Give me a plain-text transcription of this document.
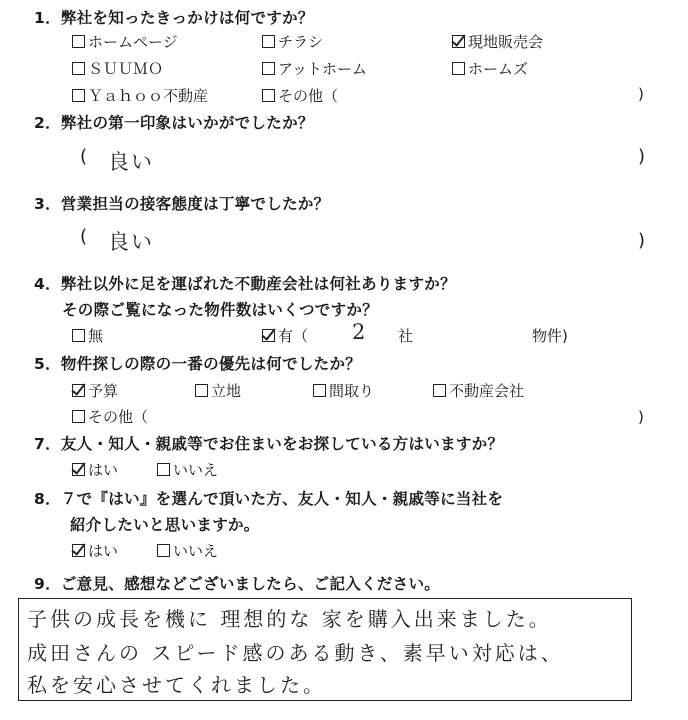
1．弊社を知ったきっかけは何ですか？
ホームページ	チラシ	現地販売会
ＳＵＵＭＯ	アットホーム	ホームズ
Ｙａｈｏｏ不動産	その他（	)
2．弊社の第一印象はいかがでしたか？
( 良い	)
3．営業担当の接客態度は丁寧でしたか？
( 良い	)
4．弊社以外に足を運ばれた不動産会社は何社ありますか？
その際ご覧になった物件数はいくつですか？
無	有（ 2 社	物件)
5．物件探しの際の一番の優先は何でしたか？
予算	立地	間取り	不動産会社
その他（	)
7．友人・知人・親戚等でお住まいをお探している方はいますか？
はい	いいえ
8．７で『はい』を選んで頂いた方、友人・知人・親戚等に当社を
紹介したいと思いますか。
はい	いいえ
9．ご意見、感想などございましたら、ご記入ください。
子供の成長を機に 理想的な 家を購入出来ました。
成田さんの スピード感のある動き、素早い対応は、
私を安心させてくれました。
